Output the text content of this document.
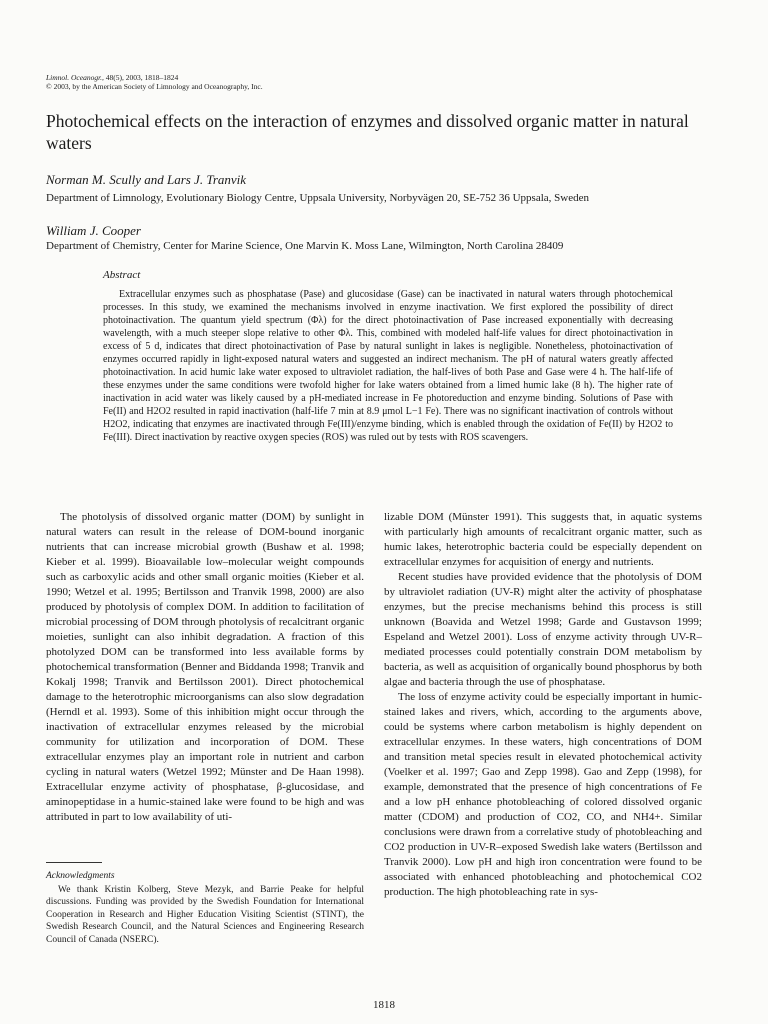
Limnol. Oceanogr., 48(5), 2003, 1818–1824
© 2003, by the American Society of Limnology and Oceanography, Inc.
Photochemical effects on the interaction of enzymes and dissolved organic matter in natural waters

Norman M. Scully and Lars J. Tranvik

Department of Limnology, Evolutionary Biology Centre, Uppsala University, Norbyvägen 20, SE-752 36 Uppsala, Sweden

William J. Cooper

Department of Chemistry, Center for Marine Science, One Marvin K. Moss Lane, Wilmington, North Carolina 28409

Abstract

Extracellular enzymes such as phosphatase (Pase) and glucosidase (Gase) can be inactivated in natural waters through photochemical processes. In this study, we examined the mechanisms involved in enzyme inactivation. We first explored the possibility of direct photoinactivation. The quantum yield spectrum (Φλ) for the direct photoinactivation of Pase increased exponentially with decreasing wavelength, with a much steeper slope relative to other Φλ. This, combined with modeled half-life values for direct photoinactivation in excess of 5 d, indicates that direct photoinactivation of Pase by natural sunlight in lakes is negligible. Nonetheless, photoinactivation of enzymes occurred rapidly in light-exposed natural waters and suggested an indirect mechanism. The pH of natural waters greatly affected photoinactivation. In acid humic lake water exposed to ultraviolet radiation, the half-lives of both Pase and Gase were 4 h. The half-life of these enzymes under the same conditions were twofold higher for lake waters obtained from a limed humic lake (8 h). The higher rate of inactivation in acid water was likely caused by a pH-mediated increase in Fe photoreduction and enzyme binding. Solutions of Pase with Fe(II) and H2O2 resulted in rapid inactivation (half-life 7 min at 8.9 μmol L−1 Fe). There was no significant inactivation of controls without H2O2, indicating that enzymes are inactivated through Fe(III)/enzyme binding, which is enabled through the oxidation of Fe(II) by H2O2 to Fe(III). Direct inactivation by reactive oxygen species (ROS) was ruled out by tests with ROS scavengers.

The photolysis of dissolved organic matter (DOM) by sunlight in natural waters can result in the release of DOM-bound inorganic nutrients that can increase microbial growth (Bushaw et al. 1998; Kieber et al. 1999). Bioavailable low–molecular weight compounds such as carboxylic acids and other small organic moities (Kieber et al. 1990; Wetzel et al. 1995; Bertilsson and Tranvik 1998, 2000) are also produced by photolysis of complex DOM. In addition to facilitation of microbial processing of DOM through photolysis of recalcitrant organic moieties, sunlight can also inhibit degradation. A fraction of this photolyzed DOM can be transformed into less available forms by photochemical transformation (Benner and Biddanda 1998; Tranvik and Kokalj 1998; Tranvik and Bertilsson 2001). Direct photochemical damage to the heterotrophic microorganisms can also slow degradation (Herndl et al. 1993). Some of this inhibition might occur through the inactivation of extracellular enzymes released by the microbial community for utilization and incorporation of DOM. These extracellular enzymes play an important role in nutrient and carbon cycling in natural waters (Wetzel 1992; Münster and De Haan 1998). Extracellular enzyme activity of phosphatase, β-glucosidase, and aminopeptidase in a humic-stained lake were found to be high and was attributed in part to low availability of uti-

lizable DOM (Münster 1991). This suggests that, in aquatic systems with particularly high amounts of recalcitrant organic matter, such as humic lakes, heterotrophic bacteria could be especially dependent on extracellular enzymes for acquisition of energy and nutrients.

Recent studies have provided evidence that the photolysis of DOM by ultraviolet radiation (UV-R) might alter the activity of phosphatase enzymes, but the precise mechanisms behind this process is still unknown (Boavida and Wetzel 1998; Garde and Gustavson 1999; Espeland and Wetzel 2001). Loss of enzyme activity through UV-R–mediated processes could potentially constrain DOM metabolism by bacteria, as well as acquisition of organically bound phosphorus by both algae and bacteria through the use of phosphatase.

The loss of enzyme activity could be especially important in humic-stained lakes and rivers, which, according to the arguments above, could be systems where carbon metabolism is highly dependent on extracellular enzymes. In these waters, high concentrations of DOM and transition metal species result in elevated photochemical activity (Voelker et al. 1997; Gao and Zepp 1998). Gao and Zepp (1998), for example, demonstrated that the presence of high concentrations of Fe and a low pH enhance photobleaching of colored dissolved organic matter (CDOM) and production of CO2, CO, and NH4+. Similar conclusions were drawn from a correlative study of photobleaching and CO2 production in UV-R–exposed Swedish lake waters (Bertilsson and Tranvik 2000). Low pH and high iron concentration were found to be associated with enhanced photobleaching and photochemical CO2 production. The high photobleaching rate in sys-

Acknowledgments

We thank Kristin Kolberg, Steve Mezyk, and Barrie Peake for helpful discussions. Funding was provided by the Swedish Foundation for International Cooperation in Research and Higher Education Visiting Scientist (STINT), the Swedish Research Council, and the Natural Sciences and Engineering Research Council of Canada (NSERC).

1818
